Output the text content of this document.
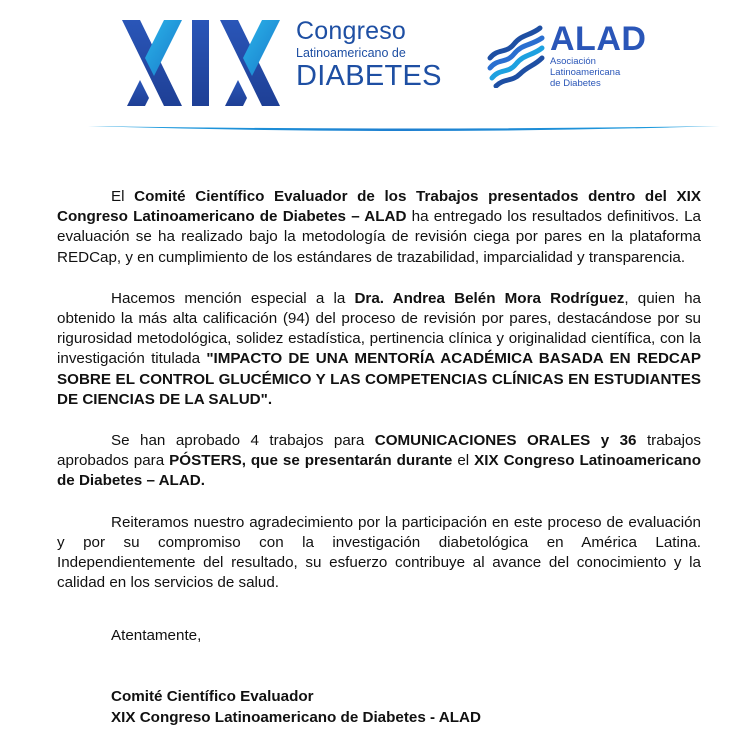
Congreso
Latinoamericano de
DIABETES
ALAD
Asociación
Latinoamericana
de Diabetes

El Comité Científico Evaluador de los Trabajos presentados dentro del XIX Congreso Latinoamericano de Diabetes – ALAD ha entregado los resultados definitivos. La evaluación se ha realizado bajo la metodología de revisión ciega por pares en la plataforma REDCap, y en cumplimiento de los estándares de trazabilidad, imparcialidad y transparencia.

Hacemos mención especial a la Dra. Andrea Belén Mora Rodríguez, quien ha obtenido la más alta calificación (94) del proceso de revisión por pares, destacándose por su rigurosidad metodológica, solidez estadística, pertinencia clínica y originalidad científica, con la investigación titulada "IMPACTO DE UNA MENTORÍA ACADÉMICA BASADA EN REDCAP SOBRE EL CONTROL GLUCÉMICO Y LAS COMPETENCIAS CLÍNICAS EN ESTUDIANTES DE CIENCIAS DE LA SALUD".

Se han aprobado 4 trabajos para COMUNICACIONES ORALES y 36 trabajos aprobados para PÓSTERS, que se presentarán durante el XIX Congreso Latinoamericano de Diabetes – ALAD.

Reiteramos nuestro agradecimiento por la participación en este proceso de evaluación y por su compromiso con la investigación diabetológica en América Latina. Independientemente del resultado, su esfuerzo contribuye al avance del conocimiento y la calidad en los servicios de salud.

Atentamente,
Comité Científico Evaluador
XIX Congreso Latinoamericano de Diabetes - ALAD
